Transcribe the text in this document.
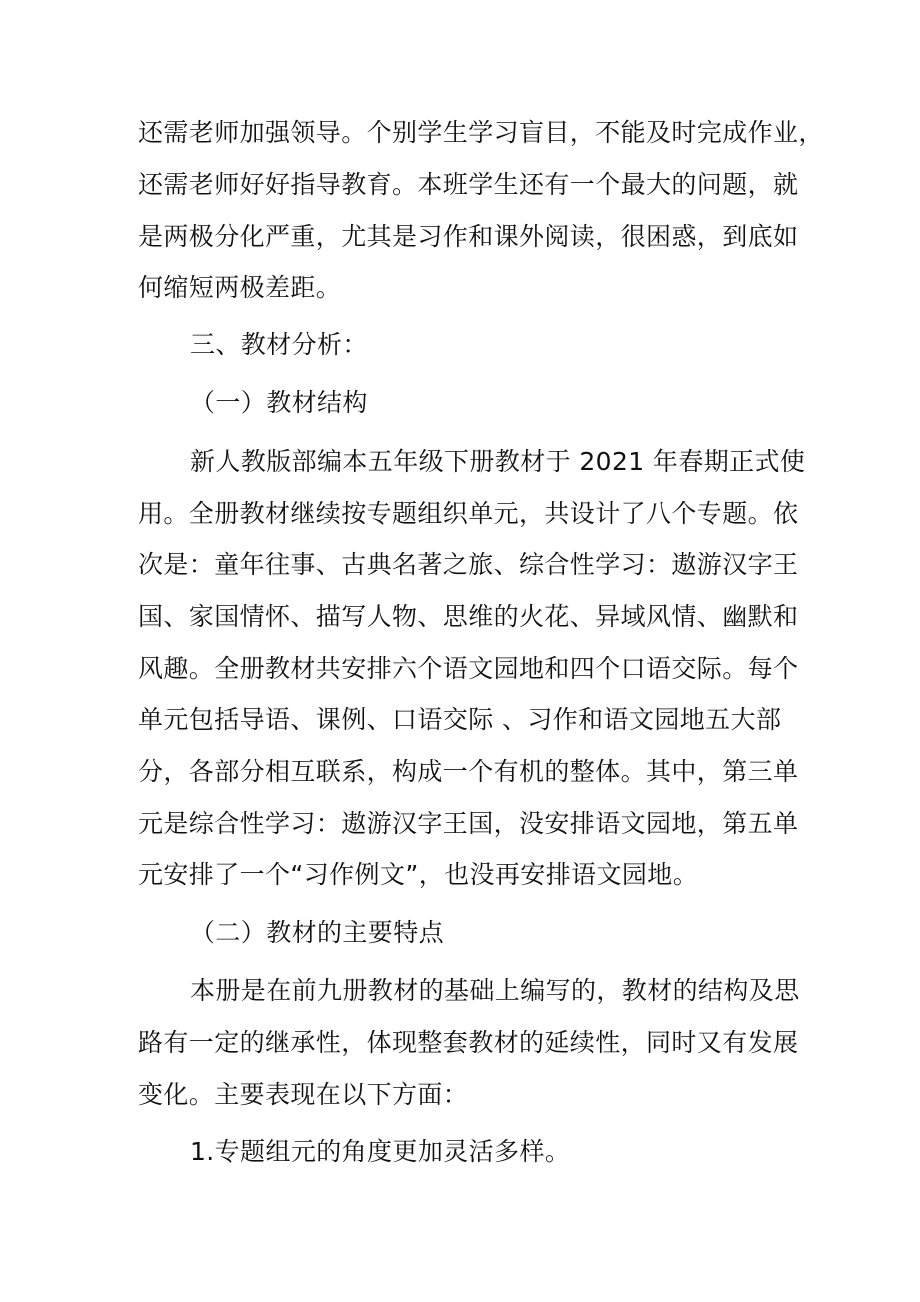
还需老师加强领导。个别学生学习盲目，不能及时完成作业，
还需老师好好指导教育。本班学生还有一个最大的问题，就
是两极分化严重，尤其是习作和课外阅读，很困惑，到底如
何缩短两极差距。
三、教材分析：
（一）教材结构
新人教版部编本五年级下册教材于 2021 年春期正式使
用。全册教材继续按专题组织单元，共设计了八个专题。依
次是：童年往事、古典名著之旅、综合性学习：遨游汉字王
国、家国情怀、描写人物、思维的火花、异域风情、幽默和
风趣。全册教材共安排六个语文园地和四个口语交际。每个
单元包括导语、课例、口语交际 、习作和语文园地五大部
分，各部分相互联系，构成一个有机的整体。其中，第三单
元是综合性学习：遨游汉字王国，没安排语文园地，第五单
元安排了一个“习作例文”，也没再安排语文园地。
（二）教材的主要特点
本册是在前九册教材的基础上编写的，教材的结构及思
路有一定的继承性，体现整套教材的延续性，同时又有发展
变化。主要表现在以下方面：
1.专题组元的角度更加灵活多样。
